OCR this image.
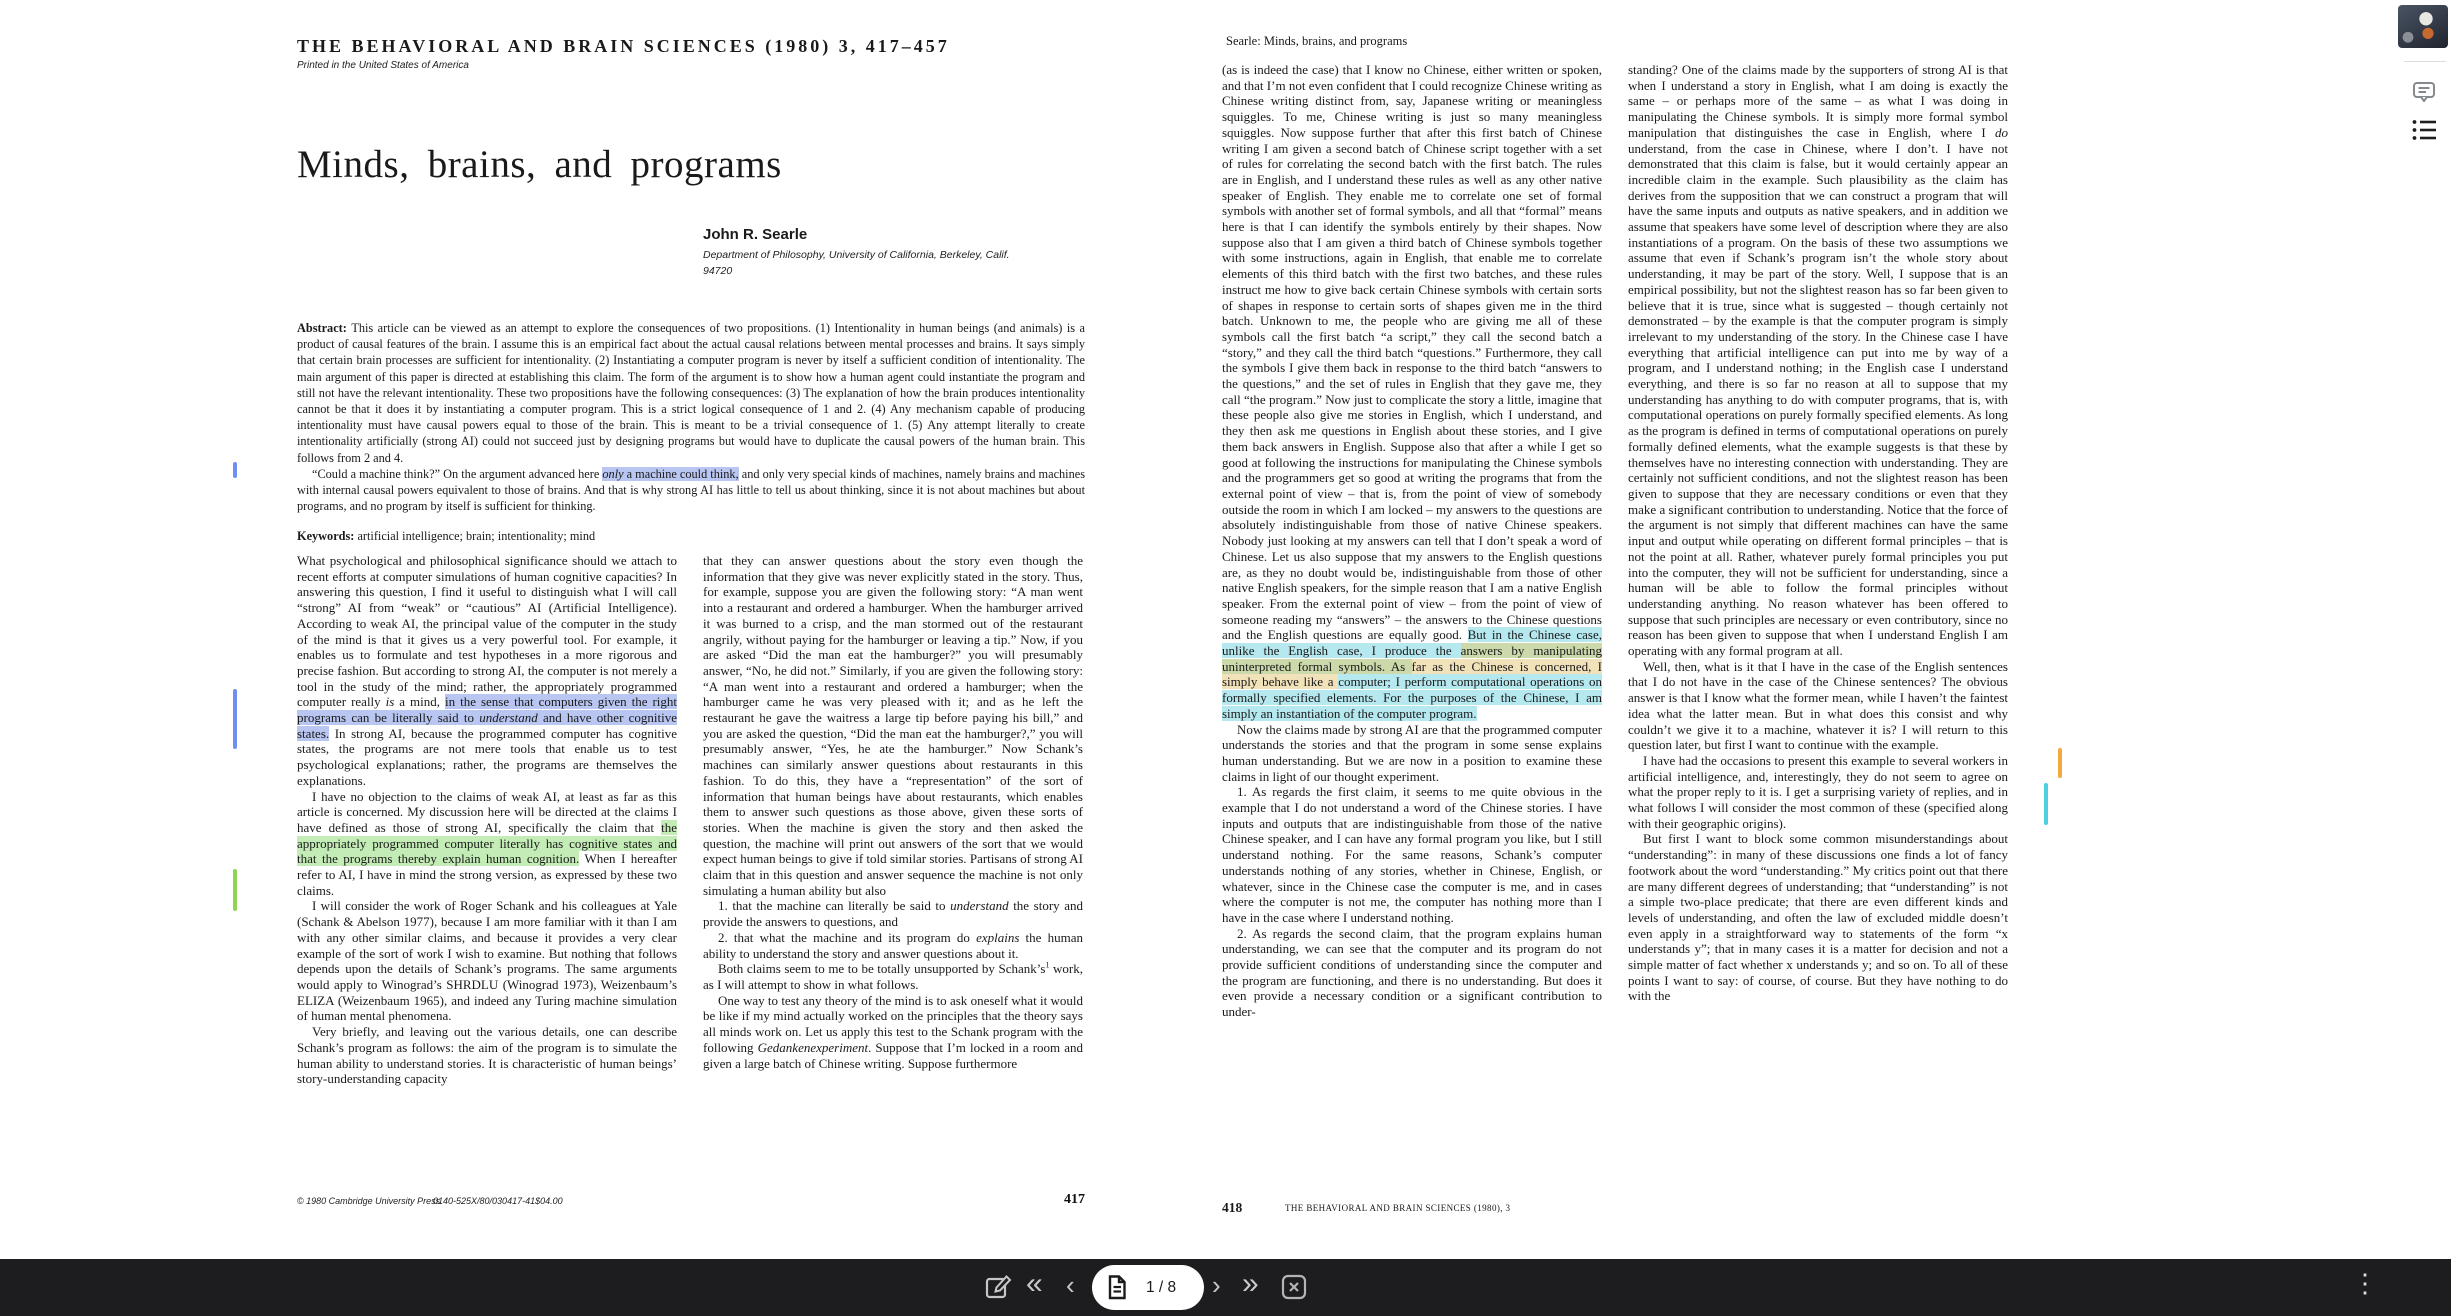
THE BEHAVIORAL AND BRAIN SCIENCES (1980) 3, 417–457
Printed in the United States of America
Minds, brains, and programs
John R. Searle
Department of Philosophy, University of California, Berkeley, Calif.
94720

Abstract: This article can be viewed as an attempt to explore the consequences of two propositions. (1) Intentionality in human beings (and animals) is a product of causal features of the brain. I assume this is an empirical fact about the actual causal relations between mental processes and brains. It says simply that certain brain processes are sufficient for intentionality. (2) Instantiating a computer program is never by itself a sufficient condition of intentionality. The main argument of this paper is directed at establishing this claim. The form of the argument is to show how a human agent could instantiate the program and still not have the relevant intentionality. These two propositions have the following consequences: (3) The explanation of how the brain produces intentionality cannot be that it does it by instantiating a computer program. This is a strict logical consequence of 1 and 2. (4) Any mechanism capable of producing intentionality must have causal powers equal to those of the brain. This is meant to be a trivial consequence of 1. (5) Any attempt literally to create intentionality artificially (strong AI) could not succeed just by designing programs but would have to duplicate the causal powers of the human brain. This follows from 2 and 4.

“Could a machine think?” On the argument advanced here only a machine could think, and only very special kinds of machines, namely brains and machines with internal causal powers equivalent to those of brains. And that is why strong AI has little to tell us about thinking, since it is not about machines but about programs, and no program by itself is sufficient for thinking.

Keywords: artificial intelligence; brain; intentionality; mind

What psychological and philosophical significance should we attach to recent efforts at computer simulations of human cognitive capacities? In answering this question, I find it useful to distinguish what I will call “strong” AI from “weak” or “cautious” AI (Artificial Intelligence). According to weak AI, the principal value of the computer in the study of the mind is that it gives us a very powerful tool. For example, it enables us to formulate and test hypotheses in a more rigorous and precise fashion. But according to strong AI, the computer is not merely a tool in the study of the mind; rather, the appropriately programmed computer really is a mind, in the sense that computers given the right programs can be literally said to understand and have other cognitive states. In strong AI, because the programmed computer has cognitive states, the programs are not mere tools that enable us to test psychological explanations; rather, the programs are themselves the explanations.

I have no objection to the claims of weak AI, at least as far as this article is concerned. My discussion here will be directed at the claims I have defined as those of strong AI, specifically the claim that the appropriately programmed computer literally has cognitive states and that the programs thereby explain human cognition. When I hereafter refer to AI, I have in mind the strong version, as expressed by these two claims.

I will consider the work of Roger Schank and his colleagues at Yale (Schank & Abelson 1977), because I am more familiar with it than I am with any other similar claims, and because it provides a very clear example of the sort of work I wish to examine. But nothing that follows depends upon the details of Schank’s programs. The same arguments would apply to Winograd’s SHRDLU (Winograd 1973), Weizenbaum’s ELIZA (Weizenbaum 1965), and indeed any Turing machine simulation of human mental phenomena.

Very briefly, and leaving out the various details, one can describe Schank’s program as follows: the aim of the program is to simulate the human ability to understand stories. It is characteristic of human beings’ story-understanding capacity

that they can answer questions about the story even though the information that they give was never explicitly stated in the story. Thus, for example, suppose you are given the following story: “A man went into a restaurant and ordered a hamburger. When the hamburger arrived it was burned to a crisp, and the man stormed out of the restaurant angrily, without paying for the hamburger or leaving a tip.” Now, if you are asked “Did the man eat the hamburger?” you will presumably answer, “No, he did not.” Similarly, if you are given the following story: “A man went into a restaurant and ordered a hamburger; when the hamburger came he was very pleased with it; and as he left the restaurant he gave the waitress a large tip before paying his bill,” and you are asked the question, “Did the man eat the hamburger?,” you will presumably answer, “Yes, he ate the hamburger.” Now Schank’s machines can similarly answer questions about restaurants in this fashion. To do this, they have a “representation” of the sort of information that human beings have about restaurants, which enables them to answer such questions as those above, given these sorts of stories. When the machine is given the story and then asked the question, the machine will print out answers of the sort that we would expect human beings to give if told similar stories. Partisans of strong AI claim that in this question and answer sequence the machine is not only simulating a human ability but also

1. that the machine can literally be said to understand the story and provide the answers to questions, and

2. that what the machine and its program do explains the human ability to understand the story and answer questions about it.

Both claims seem to me to be totally unsupported by $Schank’s^1$ work, as I will attempt to show in what follows.

One way to test any theory of the mind is to ask oneself what it would be like if my mind actually worked on the principles that the theory says all minds work on. Let us apply this test to the Schank program with the following Gedankenexperiment. Suppose that I’m locked in a room and given a large batch of Chinese writing. Suppose furthermore

© 1980 Cambridge University Press
0140-525X/80/030417-41$04.00	417
Searle: Minds, brains, and programs

(as is indeed the case) that I know no Chinese, either written or spoken, and that I’m not even confident that I could recognize Chinese writing as Chinese writing distinct from, say, Japanese writing or meaningless squiggles. To me, Chinese writing is just so many meaningless squiggles. Now suppose further that after this first batch of Chinese writing I am given a second batch of Chinese script together with a set of rules for correlating the second batch with the first batch. The rules are in English, and I understand these rules as well as any other native speaker of English. They enable me to correlate one set of formal symbols with another set of formal symbols, and all that “formal” means here is that I can identify the symbols entirely by their shapes. Now suppose also that I am given a third batch of Chinese symbols together with some instructions, again in English, that enable me to correlate elements of this third batch with the first two batches, and these rules instruct me how to give back certain Chinese symbols with certain sorts of shapes in response to certain sorts of shapes given me in the third batch. Unknown to me, the people who are giving me all of these symbols call the first batch “a script,” they call the second batch a “story,” and they call the third batch “questions.” Furthermore, they call the symbols I give them back in response to the third batch “answers to the questions,” and the set of rules in English that they gave me, they call “the program.” Now just to complicate the story a little, imagine that these people also give me stories in English, which I understand, and they then ask me questions in English about these stories, and I give them back answers in English. Suppose also that after a while I get so good at following the instructions for manipulating the Chinese symbols and the programmers get so good at writing the programs that from the external point of view – that is, from the point of view of somebody outside the room in which I am locked – my answers to the questions are absolutely indistinguishable from those of native Chinese speakers. Nobody just looking at my answers can tell that I don’t speak a word of Chinese. Let us also suppose that my answers to the English questions are, as they no doubt would be, indistinguishable from those of other native English speakers, for the simple reason that I am a native English speaker. From the external point of view – from the point of view of someone reading my “answers” – the answers to the Chinese questions and the English questions are equally good. But in the Chinese case, unlike the English case, I produce the answers by manipulating uninterpreted formal symbols. As far as the Chinese is concerned, I simply behave like a computer; I perform computational operations on formally specified elements. For the purposes of the Chinese, I am simply an instantiation of the computer program.

Now the claims made by strong AI are that the programmed computer understands the stories and that the program in some sense explains human understanding. But we are now in a position to examine these claims in light of our thought experiment.

1. As regards the first claim, it seems to me quite obvious in the example that I do not understand a word of the Chinese stories. I have inputs and outputs that are indistinguishable from those of the native Chinese speaker, and I can have any formal program you like, but I still understand nothing. For the same reasons, Schank’s computer understands nothing of any stories, whether in Chinese, English, or whatever, since in the Chinese case the computer is me, and in cases where the computer is not me, the computer has nothing more than I have in the case where I understand nothing.

2. As regards the second claim, that the program explains human understanding, we can see that the computer and its program do not provide sufficient conditions of understanding since the computer and the program are functioning, and there is no understanding. But does it even provide a necessary condition or a significant contribution to under-

standing? One of the claims made by the supporters of strong AI is that when I understand a story in English, what I am doing is exactly the same – or perhaps more of the same – as what I was doing in manipulating the Chinese symbols. It is simply more formal symbol manipulation that distinguishes the case in English, where I do understand, from the case in Chinese, where I don’t. I have not demonstrated that this claim is false, but it would certainly appear an incredible claim in the example. Such plausibility as the claim has derives from the supposition that we can construct a program that will have the same inputs and outputs as native speakers, and in addition we assume that speakers have some level of description where they are also instantiations of a program. On the basis of these two assumptions we assume that even if Schank’s program isn’t the whole story about understanding, it may be part of the story. Well, I suppose that is an empirical possibility, but not the slightest reason has so far been given to believe that it is true, since what is suggested – though certainly not demonstrated – by the example is that the computer program is simply irrelevant to my understanding of the story. In the Chinese case I have everything that artificial intelligence can put into me by way of a program, and I understand nothing; in the English case I understand everything, and there is so far no reason at all to suppose that my understanding has anything to do with computer programs, that is, with computational operations on purely formally specified elements. As long as the program is defined in terms of computational operations on purely formally defined elements, what the example suggests is that these by themselves have no interesting connection with understanding. They are certainly not sufficient conditions, and not the slightest reason has been given to suppose that they are necessary conditions or even that they make a significant contribution to understanding. Notice that the force of the argument is not simply that different machines can have the same input and output while operating on different formal principles – that is not the point at all. Rather, whatever purely formal principles you put into the computer, they will not be sufficient for understanding, since a human will be able to follow the formal principles without understanding anything. No reason whatever has been offered to suppose that such principles are necessary or even contributory, since no reason has been given to suppose that when I understand English I am operating with any formal program at all.

Well, then, what is it that I have in the case of the English sentences that I do not have in the case of the Chinese sentences? The obvious answer is that I know what the former mean, while I haven’t the faintest idea what the latter mean. But in what does this consist and why couldn’t we give it to a machine, whatever it is? I will return to this question later, but first I want to continue with the example.

I have had the occasions to present this example to several workers in artificial intelligence, and, interestingly, they do not seem to agree on what the proper reply to it is. I get a surprising variety of replies, and in what follows I will consider the most common of these (specified along with their geographic origins).

But first I want to block some common misunderstandings about “understanding”: in many of these discussions one finds a lot of fancy footwork about the word “understanding.” My critics point out that there are many different degrees of understanding; that “understanding” is not a simple two-place predicate; that there are even different kinds and levels of understanding, and often the law of excluded middle doesn’t even apply in a straightforward way to statements of the form “x understands y”; that in many cases it is a matter for decision and not a simple matter of fact whether x understands y; and so on. To all of these points I want to say: of course, of course. But they have nothing to do with the

418	THE BEHAVIORAL AND BRAIN SCIENCES (1980), 3
« ‹	1 / 8 › »	⋮
